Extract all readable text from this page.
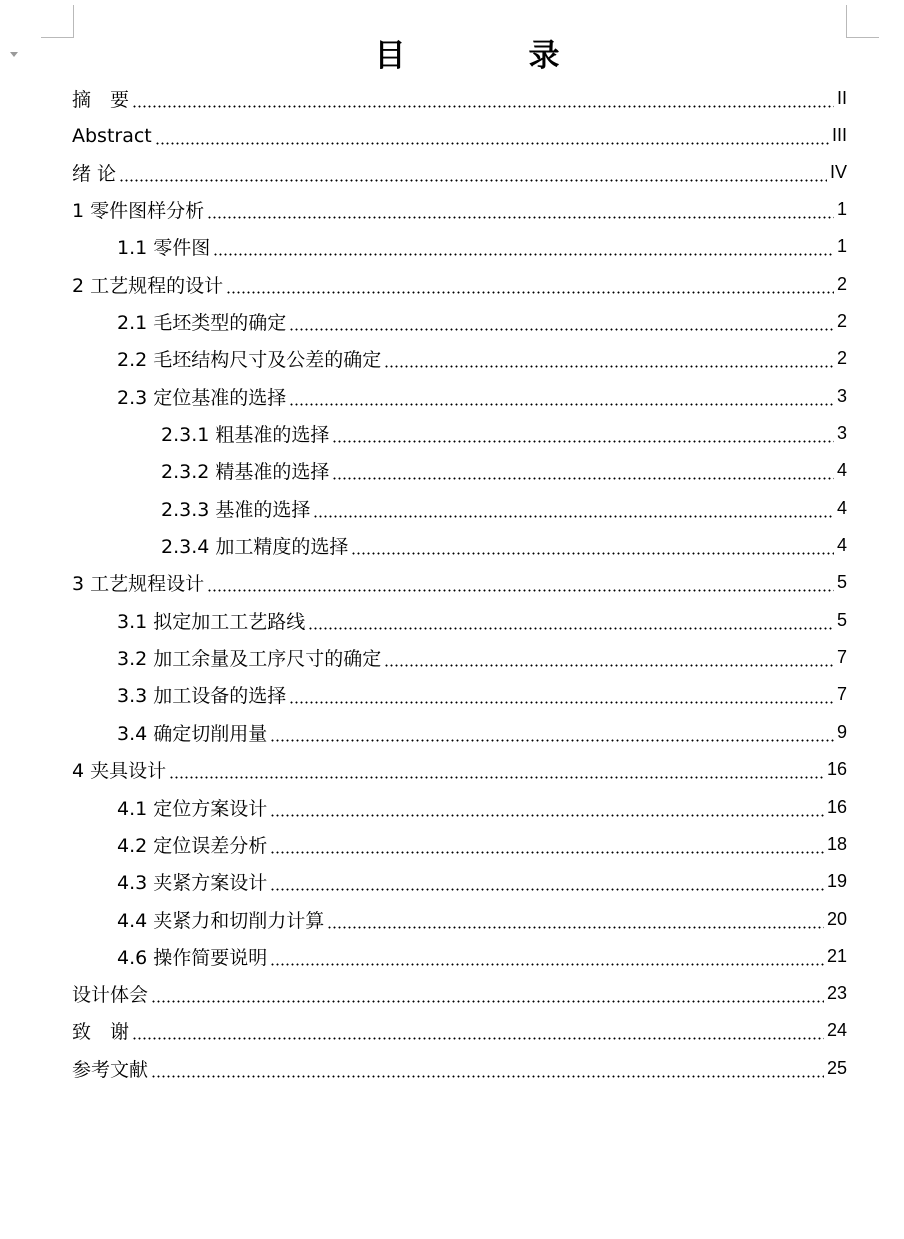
目　录
摘　要	II
Abstract	III
绪 论	IV
1 零件图样分析	1
1.1 零件图	1
2 工艺规程的设计	2
2.1 毛坯类型的确定	2
2.2 毛坯结构尺寸及公差的确定	2
2.3 定位基准的选择	3
2.3.1 粗基准的选择	3
2.3.2 精基准的选择	4
2.3.3 基准的选择	4
2.3.4 加工精度的选择	4
3 工艺规程设计	5
3.1 拟定加工工艺路线	5
3.2 加工余量及工序尺寸的确定	7
3.3 加工设备的选择	7
3.4 确定切削用量	9
4 夹具设计	16
4.1 定位方案设计	16
4.2 定位误差分析	18
4.3 夹紧方案设计	19
4.4 夹紧力和切削力计算	20
4.6 操作简要说明	21
设计体会	23
致　谢	24
参考文献	25
